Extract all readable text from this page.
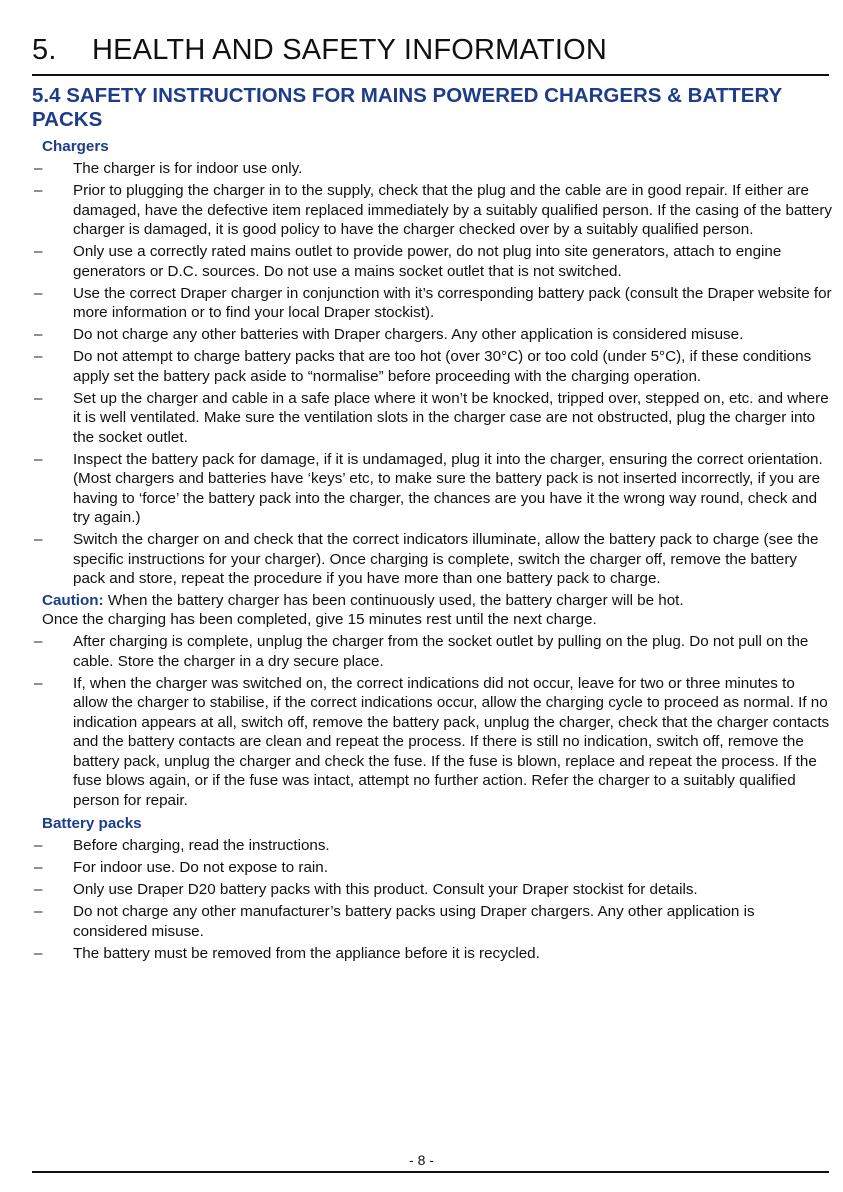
5. HEALTH AND SAFETY INFORMATION
5.4 SAFETY INSTRUCTIONS FOR MAINS POWERED CHARGERS & BATTERY PACKS

Chargers

– The charger is for indoor use only.
– Prior to plugging the charger in to the supply, check that the plug and the cable are in good repair. If either are damaged, have the defective item replaced immediately by a suitably qualified person. If the casing of the battery charger is damaged, it is good policy to have the charger checked over by a suitably qualified person.
– Only use a correctly rated mains outlet to provide power, do not plug into site generators, attach to engine generators or D.C. sources. Do not use a mains socket outlet that is not switched.
– Use the correct Draper charger in conjunction with it’s corresponding battery pack (consult the Draper website for more information or to find your local Draper stockist).
– Do not charge any other batteries with Draper chargers. Any other application is considered misuse.
– Do not attempt to charge battery packs that are too hot (over 30°C) or too cold (under 5°C), if these conditions apply set the battery pack aside to “normalise” before proceeding with the charging operation.
– Set up the charger and cable in a safe place where it won’t be knocked, tripped over, stepped on, etc. and where it is well ventilated. Make sure the ventilation slots in the charger case are not obstructed, plug the charger into the socket outlet.
– Inspect the battery pack for damage, if it is undamaged, plug it into the charger, ensuring the correct orientation. (Most chargers and batteries have ‘keys’ etc, to make sure the battery pack is not inserted incorrectly, if you are having to ‘force’ the battery pack into the charger, the chances are you have it the wrong way round, check and try again.)
– Switch the charger on and check that the correct indicators illuminate, allow the battery pack to charge (see the specific instructions for your charger). Once charging is complete, switch the charger off, remove the battery pack and store, repeat the procedure if you have more than one battery pack to charge.

Caution: When the battery charger has been continuously used, the battery charger will be hot.

Once the charging has been completed, give 15 minutes rest until the next charge.

– After charging is complete, unplug the charger from the socket outlet by pulling on the plug. Do not pull on the cable. Store the charger in a dry secure place.
– If, when the charger was switched on, the correct indications did not occur, leave for two or three minutes to allow the charger to stabilise, if the correct indications occur, allow the charging cycle to proceed as normal. If no indication appears at all, switch off, remove the battery pack, unplug the charger, check that the charger contacts and the battery contacts are clean and repeat the process. If there is still no indication, switch off, remove the battery pack, unplug the charger and check the fuse. If the fuse is blown, replace and repeat the process. If the fuse blows again, or if the fuse was intact, attempt no further action. Refer the charger to a suitably qualified person for repair.

Battery packs

– Before charging, read the instructions.
– For indoor use. Do not expose to rain.
– Only use Draper D20 battery packs with this product. Consult your Draper stockist for details.
– Do not charge any other manufacturer’s battery packs using Draper chargers. Any other application is considered misuse.
– The battery must be removed from the appliance before it is recycled.
- 8 -
